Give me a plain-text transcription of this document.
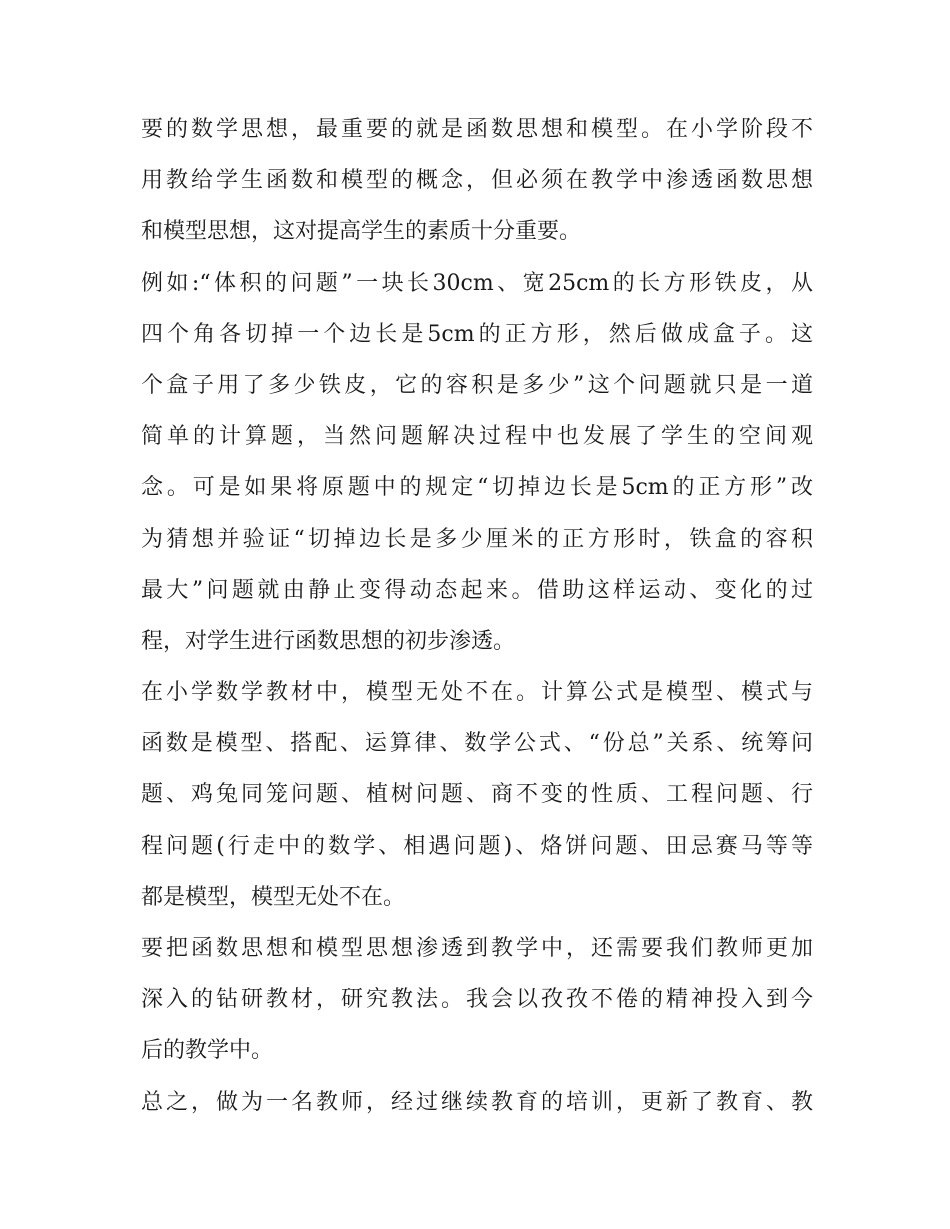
要的数学思想，最重要的就是函数思想和模型。在小学阶段不
用教给学生函数和模型的概念，但必须在教学中渗透函数思想
和模型思想，这对提高学生的素质十分重要。
例如:“体积的问题”一块长30cm、宽25cm的长方形铁皮，从
四个角各切掉一个边长是5cm的正方形，然后做成盒子。这
个盒子用了多少铁皮，它的容积是多少”这个问题就只是一道
简单的计算题，当然问题解决过程中也发展了学生的空间观
念。可是如果将原题中的规定“切掉边长是5cm的正方形”改
为猜想并验证“切掉边长是多少厘米的正方形时，铁盒的容积
最大”问题就由静止变得动态起来。借助这样运动、变化的过
程，对学生进行函数思想的初步渗透。
在小学数学教材中，模型无处不在。计算公式是模型、模式与
函数是模型、搭配、运算律、数学公式、“份总”关系、统筹问
题、鸡兔同笼问题、植树问题、商不变的性质、工程问题、行
程问题(行走中的数学、相遇问题)、烙饼问题、田忌赛马等等
都是模型，模型无处不在。
要把函数思想和模型思想渗透到教学中，还需要我们教师更加
深入的钻研教材，研究教法。我会以孜孜不倦的精神投入到今
后的教学中。
总之，做为一名教师，经过继续教育的培训，更新了教育、教
